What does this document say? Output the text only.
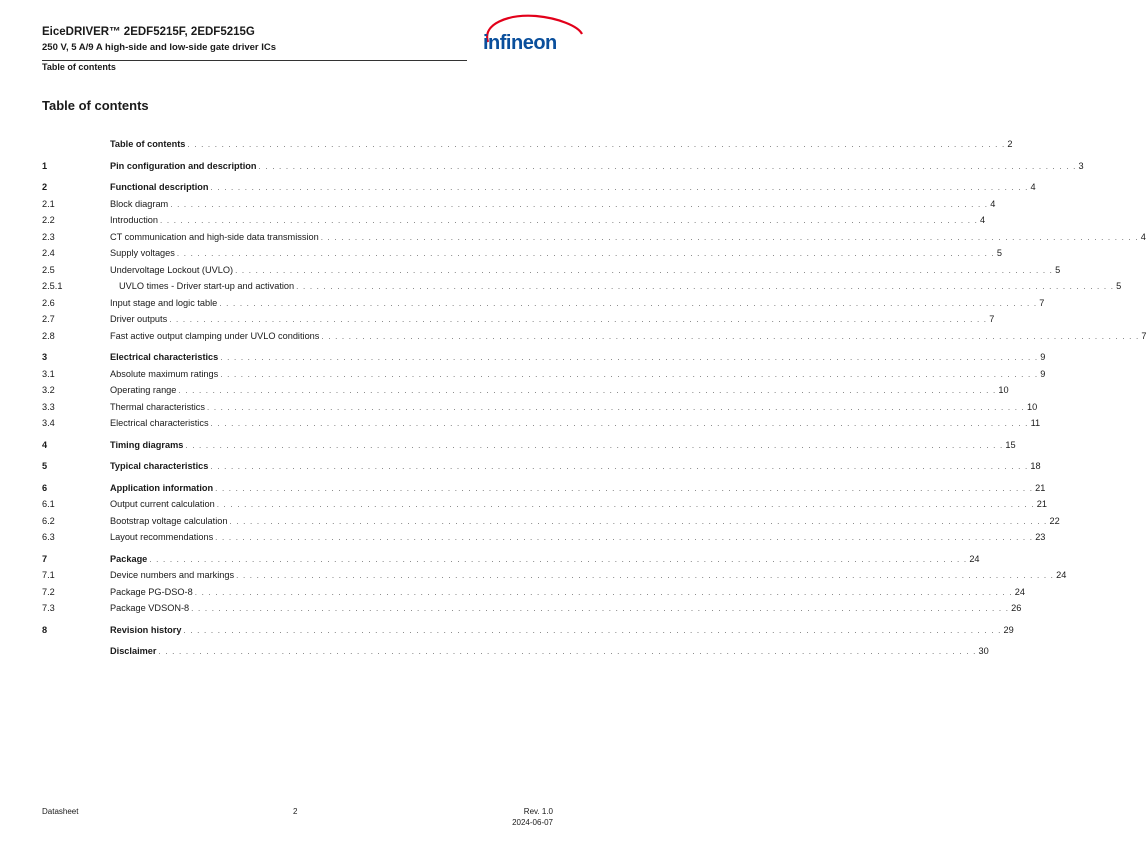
EiceDRIVER™ 2EDF5215F, 2EDF5215G
250 V, 5 A/9 A high-side and low-side gate driver ICs
Table of contents
infineon
Table of contents
Table of contents . . . . . . . . . . . . . . . . . . . . . . . . . . . . . . . . . . . . . . . . . . . . . . . . . . . . . . . . . . . . . . . . . . . . . . . . . . . . . . . . . . . . . . . . . . . . . . . . . . . . . . . . . . . . . . . . . . . . . . . . 2
1	Pin configuration and description . . . . . . . . . . . . . . . . . . . . . . . . . . . . . . . . . . . . . . . . . . . . . . . . . . . . . . . . . . . . . . . . . . . . . . . . . . . . . . . . . . . . . . . . . . . . . . . . . . . . . . . . . . . . . . . . . . . . . . . . 3
2	Functional description . . . . . . . . . . . . . . . . . . . . . . . . . . . . . . . . . . . . . . . . . . . . . . . . . . . . . . . . . . . . . . . . . . . . . . . . . . . . . . . . . . . . . . . . . . . . . . . . . . . . . . . . . . . . . . . . . . . . . . . . 4
2.1	Block diagram . . . . . . . . . . . . . . . . . . . . . . . . . . . . . . . . . . . . . . . . . . . . . . . . . . . . . . . . . . . . . . . . . . . . . . . . . . . . . . . . . . . . . . . . . . . . . . . . . . . . . . . . . . . . . . . . . . . . . . . . 4
2.2	Introduction . . . . . . . . . . . . . . . . . . . . . . . . . . . . . . . . . . . . . . . . . . . . . . . . . . . . . . . . . . . . . . . . . . . . . . . . . . . . . . . . . . . . . . . . . . . . . . . . . . . . . . . . . . . . . . . . . . . . . . . . 4
2.3	CT communication and high-side data transmission . . . . . . . . . . . . . . . . . . . . . . . . . . . . . . . . . . . . . . . . . . . . . . . . . . . . . . . . . . . . . . . . . . . . . . . . . . . . . . . . . . . . . . . . . . . . . . . . . . . . . . . . . . . . . . . . . . . . . . . . 4
2.4	Supply voltages . . . . . . . . . . . . . . . . . . . . . . . . . . . . . . . . . . . . . . . . . . . . . . . . . . . . . . . . . . . . . . . . . . . . . . . . . . . . . . . . . . . . . . . . . . . . . . . . . . . . . . . . . . . . . . . . . . . . . . . . 5
2.5	Undervoltage Lockout (UVLO) . . . . . . . . . . . . . . . . . . . . . . . . . . . . . . . . . . . . . . . . . . . . . . . . . . . . . . . . . . . . . . . . . . . . . . . . . . . . . . . . . . . . . . . . . . . . . . . . . . . . . . . . . . . . . . . . . . . . . . . . 5
2.5.1	UVLO times - Driver start-up and activation . . . . . . . . . . . . . . . . . . . . . . . . . . . . . . . . . . . . . . . . . . . . . . . . . . . . . . . . . . . . . . . . . . . . . . . . . . . . . . . . . . . . . . . . . . . . . . . . . . . . . . . . . . . . . . . . . . . . . . . . 5
2.6	Input stage and logic table . . . . . . . . . . . . . . . . . . . . . . . . . . . . . . . . . . . . . . . . . . . . . . . . . . . . . . . . . . . . . . . . . . . . . . . . . . . . . . . . . . . . . . . . . . . . . . . . . . . . . . . . . . . . . . . . . . . . . . . . 7
2.7	Driver outputs . . . . . . . . . . . . . . . . . . . . . . . . . . . . . . . . . . . . . . . . . . . . . . . . . . . . . . . . . . . . . . . . . . . . . . . . . . . . . . . . . . . . . . . . . . . . . . . . . . . . . . . . . . . . . . . . . . . . . . . . 7
2.8	Fast active output clamping under UVLO conditions . . . . . . . . . . . . . . . . . . . . . . . . . . . . . . . . . . . . . . . . . . . . . . . . . . . . . . . . . . . . . . . . . . . . . . . . . . . . . . . . . . . . . . . . . . . . . . . . . . . . . . . . . . . . . . . . . . . . . . . . 7
3	Electrical characteristics . . . . . . . . . . . . . . . . . . . . . . . . . . . . . . . . . . . . . . . . . . . . . . . . . . . . . . . . . . . . . . . . . . . . . . . . . . . . . . . . . . . . . . . . . . . . . . . . . . . . . . . . . . . . . . . . . . . . . . . . 9
3.1	Absolute maximum ratings . . . . . . . . . . . . . . . . . . . . . . . . . . . . . . . . . . . . . . . . . . . . . . . . . . . . . . . . . . . . . . . . . . . . . . . . . . . . . . . . . . . . . . . . . . . . . . . . . . . . . . . . . . . . . . . . . . . . . . . . 9
3.2	Operating range . . . . . . . . . . . . . . . . . . . . . . . . . . . . . . . . . . . . . . . . . . . . . . . . . . . . . . . . . . . . . . . . . . . . . . . . . . . . . . . . . . . . . . . . . . . . . . . . . . . . . . . . . . . . . . . . . . . . . . . . 10
3.3	Thermal characteristics . . . . . . . . . . . . . . . . . . . . . . . . . . . . . . . . . . . . . . . . . . . . . . . . . . . . . . . . . . . . . . . . . . . . . . . . . . . . . . . . . . . . . . . . . . . . . . . . . . . . . . . . . . . . . . . . . . . . . . . . 10
3.4	Electrical characteristics . . . . . . . . . . . . . . . . . . . . . . . . . . . . . . . . . . . . . . . . . . . . . . . . . . . . . . . . . . . . . . . . . . . . . . . . . . . . . . . . . . . . . . . . . . . . . . . . . . . . . . . . . . . . . . . . . . . . . . . . 11
4	Timing diagrams . . . . . . . . . . . . . . . . . . . . . . . . . . . . . . . . . . . . . . . . . . . . . . . . . . . . . . . . . . . . . . . . . . . . . . . . . . . . . . . . . . . . . . . . . . . . . . . . . . . . . . . . . . . . . . . . . . . . . . . . 15
5	Typical characteristics . . . . . . . . . . . . . . . . . . . . . . . . . . . . . . . . . . . . . . . . . . . . . . . . . . . . . . . . . . . . . . . . . . . . . . . . . . . . . . . . . . . . . . . . . . . . . . . . . . . . . . . . . . . . . . . . . . . . . . . . 18
6	Application information . . . . . . . . . . . . . . . . . . . . . . . . . . . . . . . . . . . . . . . . . . . . . . . . . . . . . . . . . . . . . . . . . . . . . . . . . . . . . . . . . . . . . . . . . . . . . . . . . . . . . . . . . . . . . . . . . . . . . . . . 21
6.1	Output current calculation . . . . . . . . . . . . . . . . . . . . . . . . . . . . . . . . . . . . . . . . . . . . . . . . . . . . . . . . . . . . . . . . . . . . . . . . . . . . . . . . . . . . . . . . . . . . . . . . . . . . . . . . . . . . . . . . . . . . . . . . 21
6.2	Bootstrap voltage calculation . . . . . . . . . . . . . . . . . . . . . . . . . . . . . . . . . . . . . . . . . . . . . . . . . . . . . . . . . . . . . . . . . . . . . . . . . . . . . . . . . . . . . . . . . . . . . . . . . . . . . . . . . . . . . . . . . . . . . . . . 22
6.3	Layout recommendations . . . . . . . . . . . . . . . . . . . . . . . . . . . . . . . . . . . . . . . . . . . . . . . . . . . . . . . . . . . . . . . . . . . . . . . . . . . . . . . . . . . . . . . . . . . . . . . . . . . . . . . . . . . . . . . . . . . . . . . . 23
7	Package . . . . . . . . . . . . . . . . . . . . . . . . . . . . . . . . . . . . . . . . . . . . . . . . . . . . . . . . . . . . . . . . . . . . . . . . . . . . . . . . . . . . . . . . . . . . . . . . . . . . . . . . . . . . . . . . . . . . . . . . 24
7.1	Device numbers and markings . . . . . . . . . . . . . . . . . . . . . . . . . . . . . . . . . . . . . . . . . . . . . . . . . . . . . . . . . . . . . . . . . . . . . . . . . . . . . . . . . . . . . . . . . . . . . . . . . . . . . . . . . . . . . . . . . . . . . . . . 24
7.2	Package PG-DSO-8 . . . . . . . . . . . . . . . . . . . . . . . . . . . . . . . . . . . . . . . . . . . . . . . . . . . . . . . . . . . . . . . . . . . . . . . . . . . . . . . . . . . . . . . . . . . . . . . . . . . . . . . . . . . . . . . . . . . . . . . . 24
7.3	Package VDSON-8 . . . . . . . . . . . . . . . . . . . . . . . . . . . . . . . . . . . . . . . . . . . . . . . . . . . . . . . . . . . . . . . . . . . . . . . . . . . . . . . . . . . . . . . . . . . . . . . . . . . . . . . . . . . . . . . . . . . . . . . . 26
8	Revision history . . . . . . . . . . . . . . . . . . . . . . . . . . . . . . . . . . . . . . . . . . . . . . . . . . . . . . . . . . . . . . . . . . . . . . . . . . . . . . . . . . . . . . . . . . . . . . . . . . . . . . . . . . . . . . . . . . . . . . . . 29
Disclaimer . . . . . . . . . . . . . . . . . . . . . . . . . . . . . . . . . . . . . . . . . . . . . . . . . . . . . . . . . . . . . . . . . . . . . . . . . . . . . . . . . . . . . . . . . . . . . . . . . . . . . . . . . . . . . . . . . . . . . . . . 30
Datasheet	2	Rev. 1.0
2024-06-07
